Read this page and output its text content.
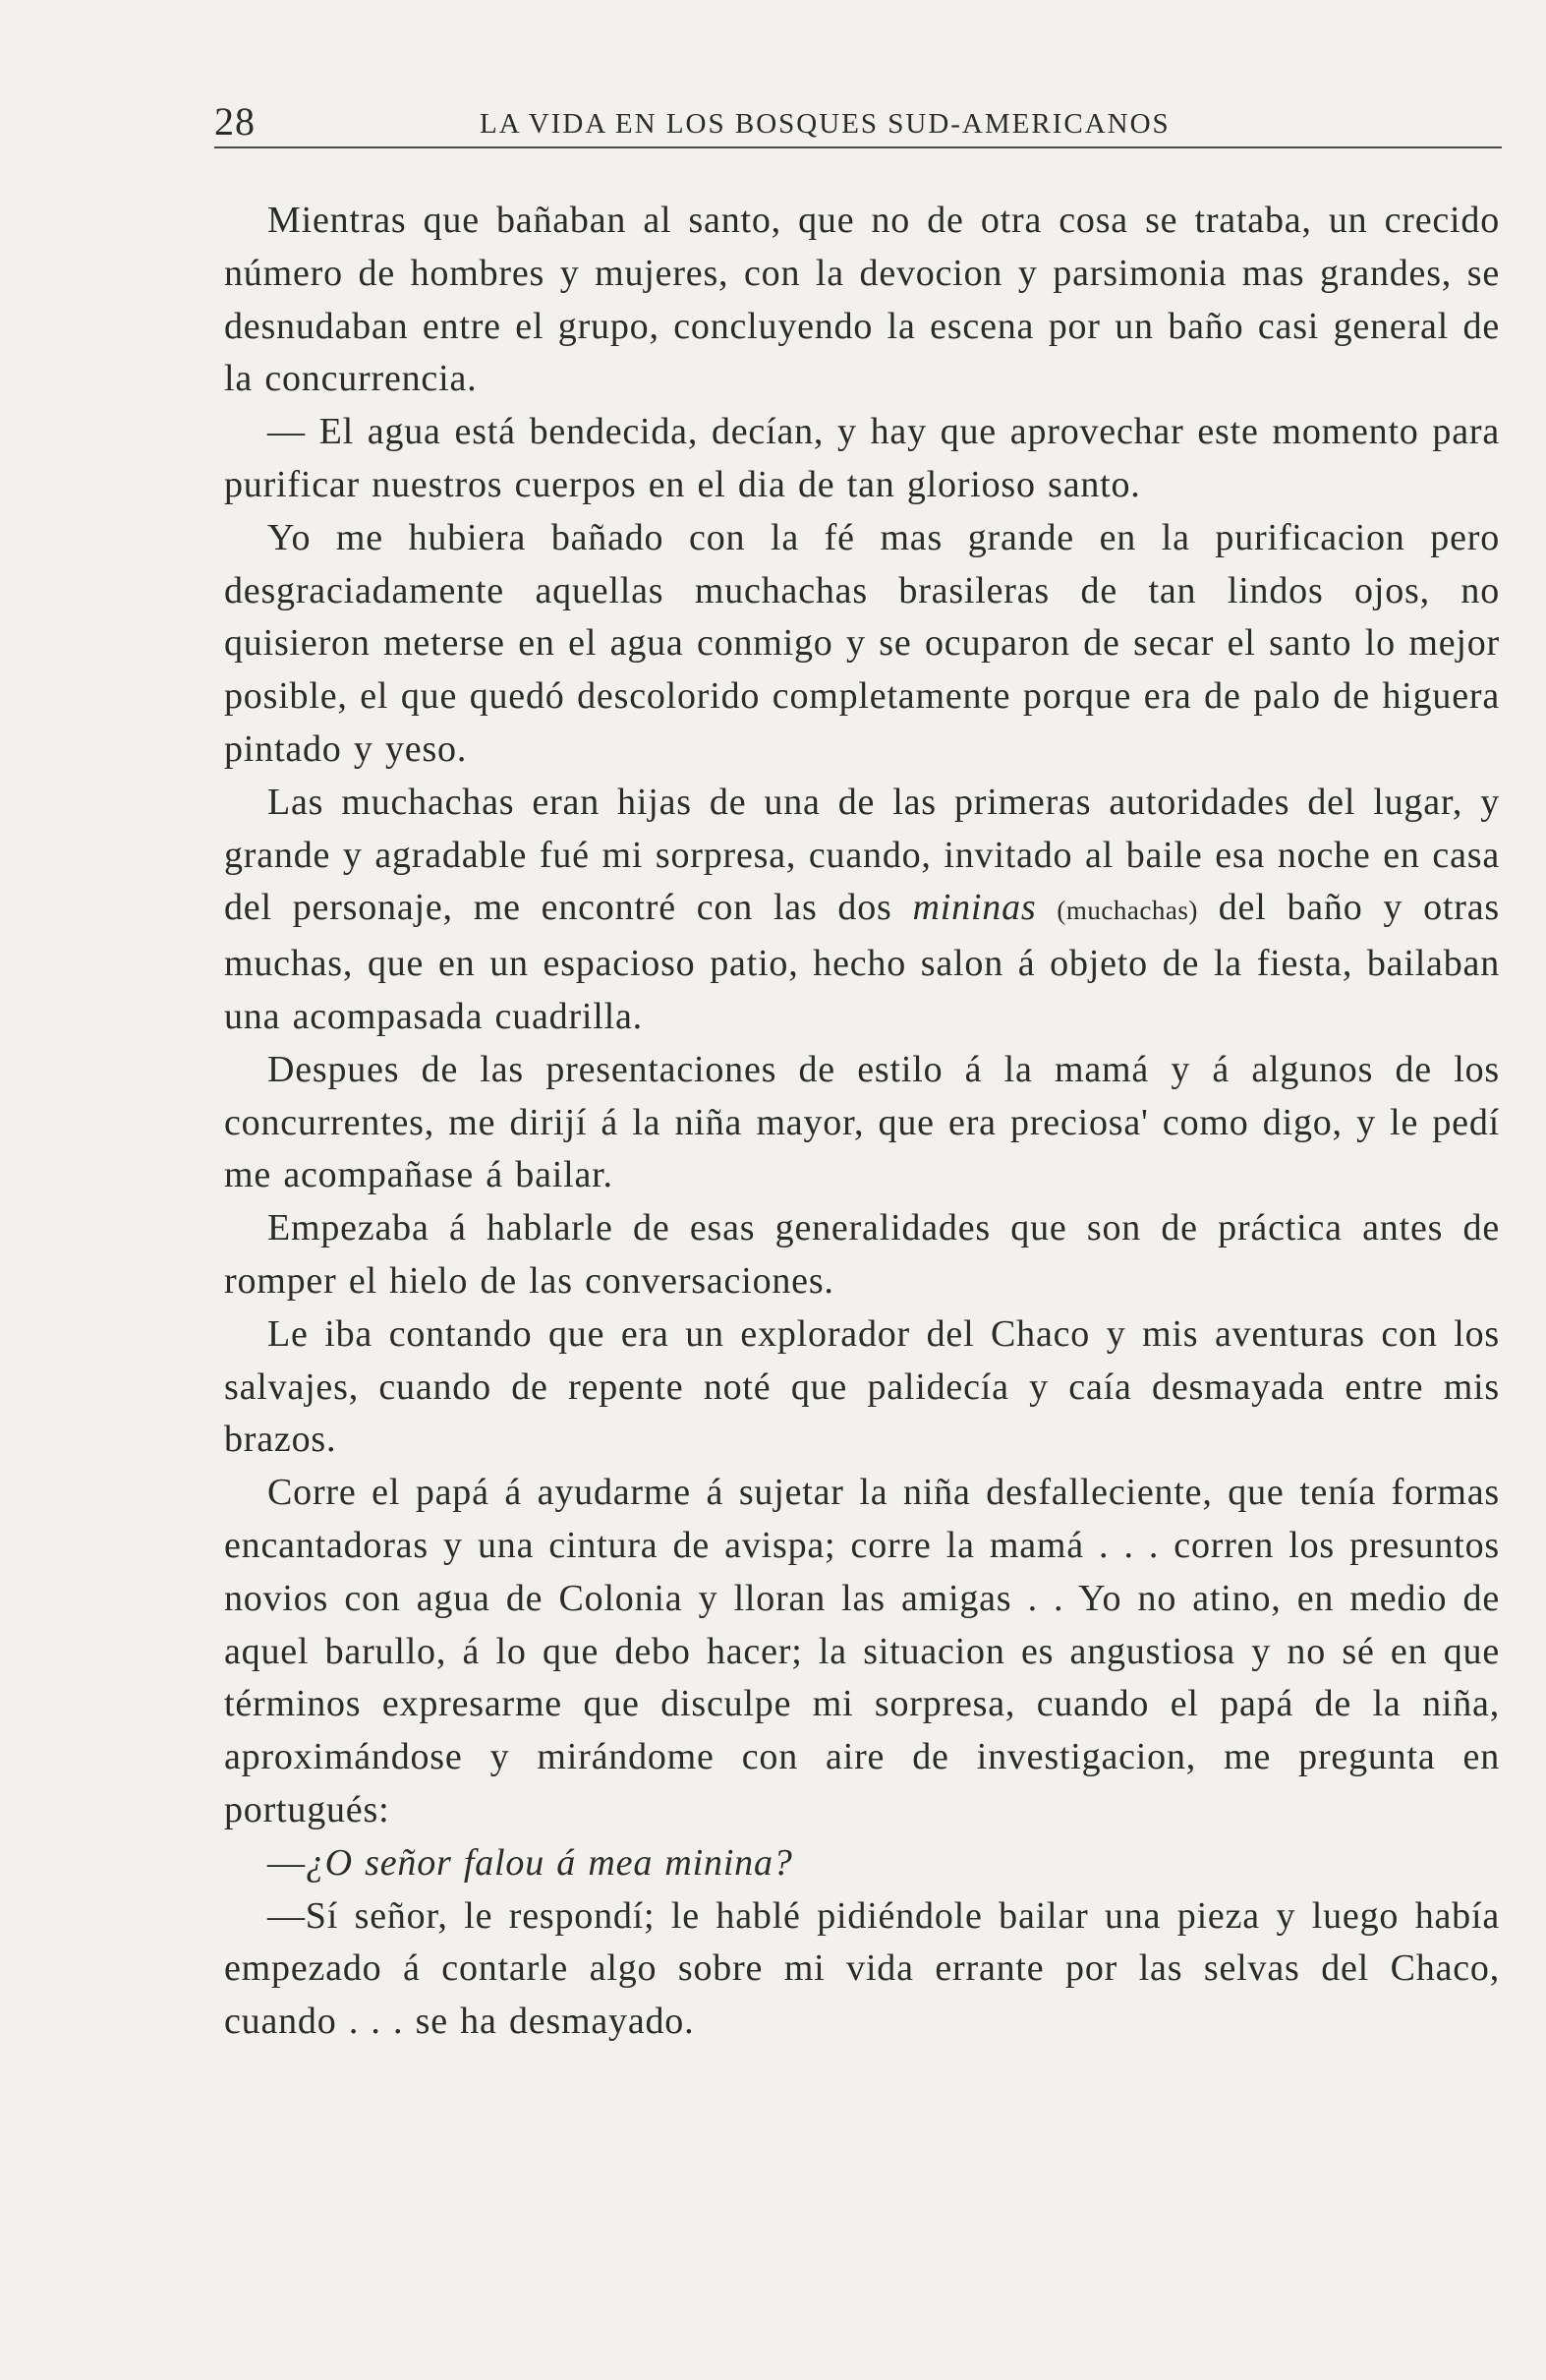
28	LA VIDA EN LOS BOSQUES SUD-AMERICANOS

Mientras que bañaban al santo, que no de otra cosa se trataba, un crecido número de hombres y mujeres, con la devocion y parsimonia mas grandes, se desnudaban entre el grupo, concluyendo la escena por un baño casi general de la concurrencia.

— El agua está bendecida, decían, y hay que aprovechar este momento para purificar nuestros cuerpos en el dia de tan glorioso santo.

Yo me hubiera bañado con la fé mas grande en la purificacion pero desgraciadamente aquellas muchachas brasileras de tan lindos ojos, no quisieron meterse en el agua conmigo y se ocuparon de secar el santo lo mejor posible, el que quedó descolorido completamente porque era de palo de higuera pintado y yeso.

Las muchachas eran hijas de una de las primeras autoridades del lugar, y grande y agradable fué mi sorpresa, cuando, invitado al baile esa noche en casa del personaje, me encontré con las dos mininas (muchachas) del baño y otras muchas, que en un espacioso patio, hecho salon á objeto de la fiesta, bailaban una acompasada cuadrilla.

Despues de las presentaciones de estilo á la mamá y á algunos de los concurrentes, me dirijí á la niña mayor, que era preciosa' como digo, y le pedí me acompañase á bailar.

Empezaba á hablarle de esas generalidades que son de práctica antes de romper el hielo de las conversaciones.

Le iba contando que era un explorador del Chaco y mis aventuras con los salvajes, cuando de repente noté que palidecía y caía desmayada entre mis brazos.

Corre el papá á ayudarme á sujetar la niña desfalleciente, que tenía formas encantadoras y una cintura de avispa; corre la mamá . . . corren los presuntos novios con agua de Colonia y lloran las amigas . . Yo no atino, en medio de aquel barullo, á lo que debo hacer; la situacion es angustiosa y no sé en que términos expresarme que disculpe mi sorpresa, cuando el papá de la niña, aproximándose y mirándome con aire de investigacion, me pregunta en portugués:

—¿O señor falou á mea minina?

—Sí señor, le respondí; le hablé pidiéndole bailar una pieza y luego había empezado á contarle algo sobre mi vida errante por las selvas del Chaco, cuando . . . se ha desmayado.
